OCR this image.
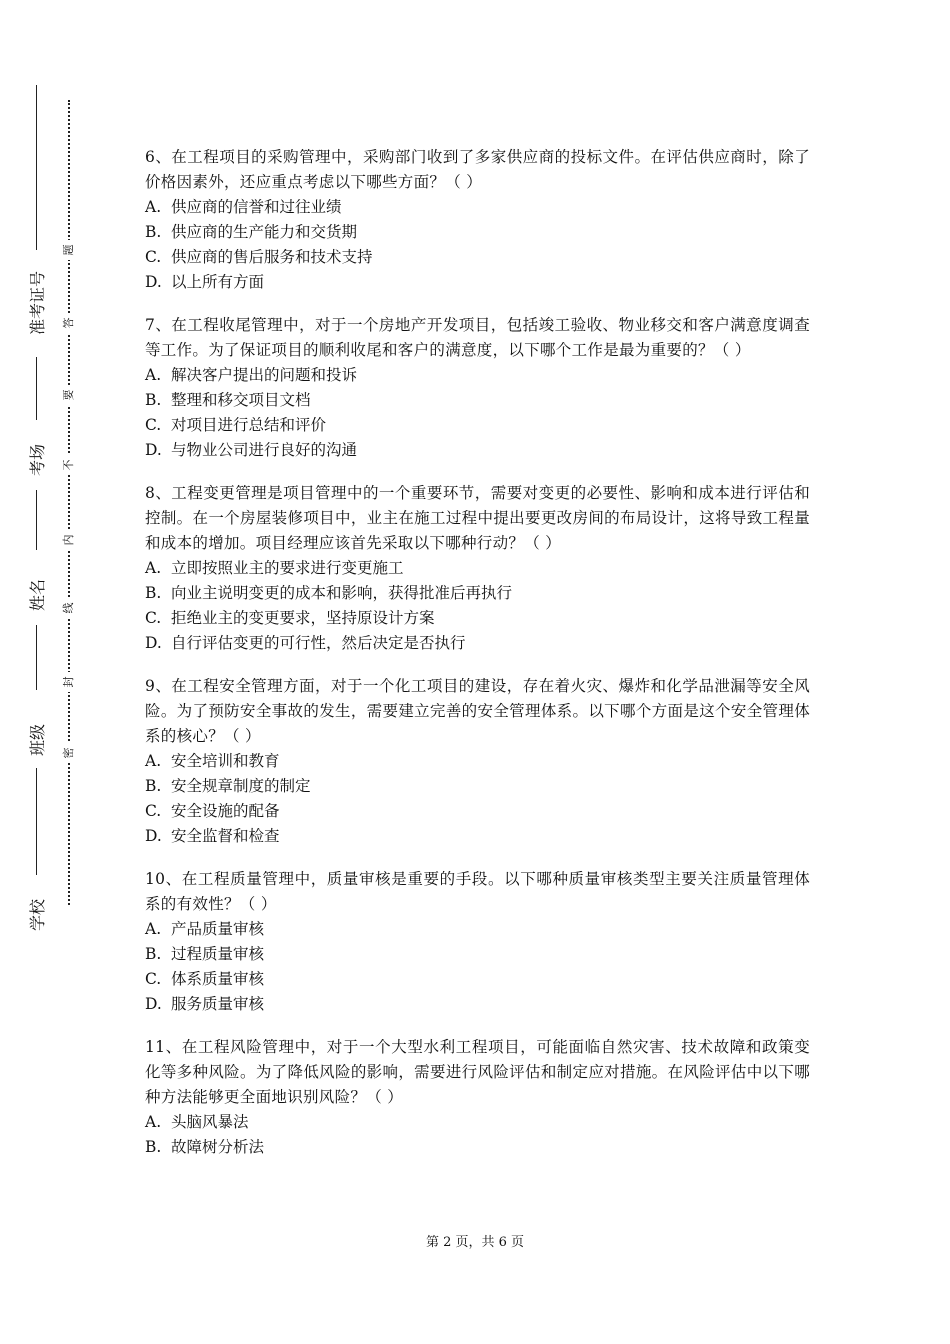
学校
班级
姓名
考场
准考证号
密
封
线
内
不
要
答
题

6、在工程项目的采购管理中，采购部门收到了多家供应商的投标文件。在评估供应商时，除了价格因素外，还应重点考虑以下哪些方面？（ ）

A. 供应商的信誉和过往业绩

B. 供应商的生产能力和交货期

C. 供应商的售后服务和技术支持

D. 以上所有方面

7、在工程收尾管理中，对于一个房地产开发项目，包括竣工验收、物业移交和客户满意度调查等工作。为了保证项目的顺利收尾和客户的满意度，以下哪个工作是最为重要的？（ ）

A. 解决客户提出的问题和投诉

B. 整理和移交项目文档

C. 对项目进行总结和评价

D. 与物业公司进行良好的沟通

8、工程变更管理是项目管理中的一个重要环节，需要对变更的必要性、影响和成本进行评估和控制。在一个房屋装修项目中，业主在施工过程中提出要更改房间的布局设计，这将导致工程量和成本的增加。项目经理应该首先采取以下哪种行动？（ ）

A. 立即按照业主的要求进行变更施工

B. 向业主说明变更的成本和影响，获得批准后再执行

C. 拒绝业主的变更要求，坚持原设计方案

D. 自行评估变更的可行性，然后决定是否执行

9、在工程安全管理方面，对于一个化工项目的建设，存在着火灾、爆炸和化学品泄漏等安全风险。为了预防安全事故的发生，需要建立完善的安全管理体系。以下哪个方面是这个安全管理体系的核心？（ ）

A. 安全培训和教育

B. 安全规章制度的制定

C. 安全设施的配备

D. 安全监督和检查

10、在工程质量管理中，质量审核是重要的手段。以下哪种质量审核类型主要关注质量管理体系的有效性？（ ）

A. 产品质量审核

B. 过程质量审核

C. 体系质量审核

D. 服务质量审核

11、在工程风险管理中，对于一个大型水利工程项目，可能面临自然灾害、技术故障和政策变化等多种风险。为了降低风险的影响，需要进行风险评估和制定应对措施。在风险评估中以下哪种方法能够更全面地识别风险？（ ）

A. 头脑风暴法

B. 故障树分析法

第 2 页，共 6 页
